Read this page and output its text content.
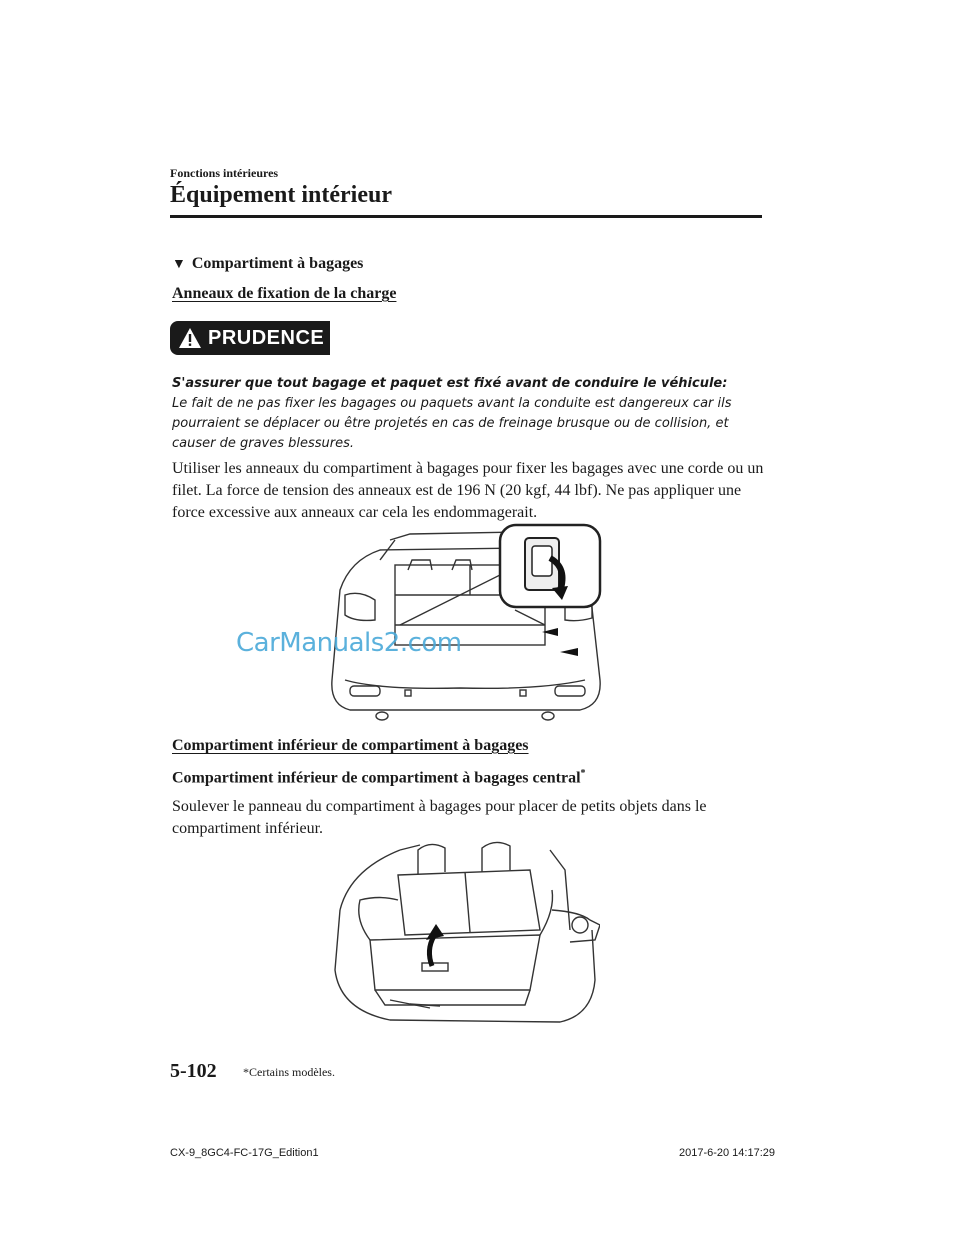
Fonctions intérieures
Équipement intérieur
▼ Compartiment à bagages
Anneaux de fixation de la charge
PRUDENCE
S'assurer que tout bagage et paquet est fixé avant de conduire le véhicule:
Le fait de ne pas fixer les bagages ou paquets avant la conduite est dangereux car ils pourraient se déplacer ou être projetés en cas de freinage brusque ou de collision, et causer de graves blessures.
Utiliser les anneaux du compartiment à bagages pour fixer les bagages avec une corde ou un filet. La force de tension des anneaux est de 196 N (20 kgf, 44 lbf). Ne pas appliquer une force excessive aux anneaux car cela les endommagerait.
CarManuals2.com
Compartiment inférieur de compartiment à bagages
Compartiment inférieur de compartiment à bagages central*
Soulever le panneau du compartiment à bagages pour placer de petits objets dans le compartiment inférieur.
5-102 *Certains modèles.
CX-9_8GC4-FC-17G_Edition1	2017-6-20 14:17:29
